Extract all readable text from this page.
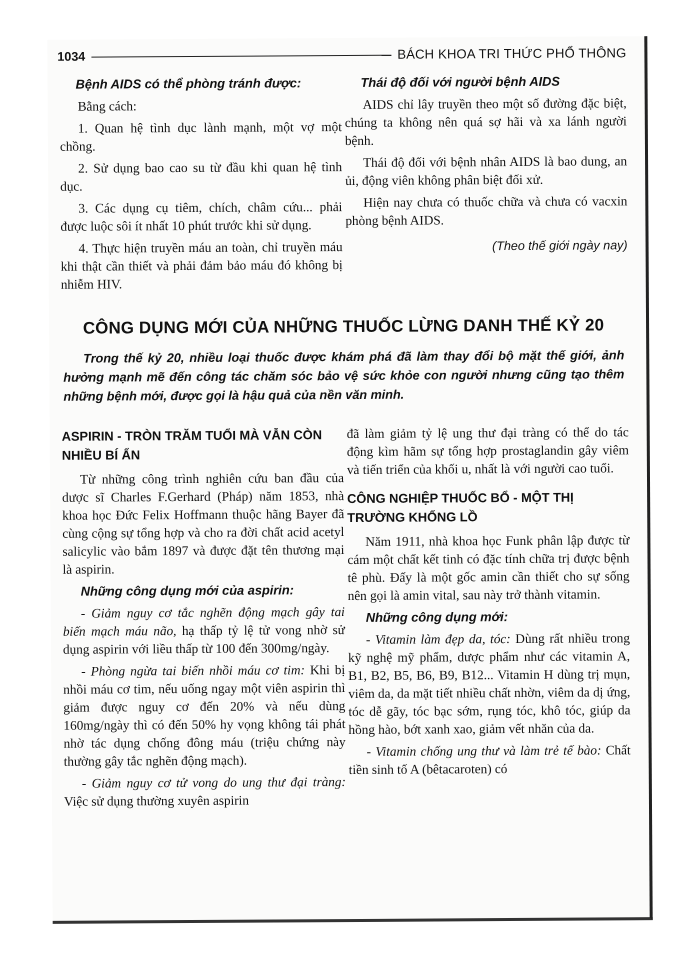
1034	BÁCH KHOA TRI THỨC PHỔ THÔNG
Bệnh AIDS có thể phòng tránh được:

Bằng cách:

1. Quan hệ tình dục lành mạnh, một vợ một chồng.

2. Sử dụng bao cao su từ đầu khi quan hệ tình dục.

3. Các dụng cụ tiêm, chích, châm cứu... phải được luộc sôi ít nhất 10 phút trước khi sử dụng.

4. Thực hiện truyền máu an toàn, chỉ truyền máu khi thật cần thiết và phải đảm bảo máu đó không bị nhiễm HIV.

Thái độ đối với người bệnh AIDS

AIDS chỉ lây truyền theo một số đường đặc biệt, chúng ta không nên quá sợ hãi và xa lánh người bệnh.

Thái độ đối với bệnh nhân AIDS là bao dung, an ủi, động viên không phân biệt đối xử.

Hiện nay chưa có thuốc chữa và chưa có vacxin phòng bệnh AIDS.

(Theo thế giới ngày nay)
CÔNG DỤNG MỚI CỦA NHỮNG THUỐC LỪNG DANH THẾ KỶ 20
Trong thế kỷ 20, nhiều loại thuốc được khám phá đã làm thay đổi bộ mặt thế giới, ảnh hưởng mạnh mẽ đến công tác chăm sóc bảo vệ sức khỏe con người nhưng cũng tạo thêm những bệnh mới, được gọi là hậu quả của nền văn minh.
ASPIRIN - TRÒN TRĂM TUỔI MÀ VẪN CÒN NHIỀU BÍ ẨN

Từ những công trình nghiên cứu ban đầu của dược sĩ Charles F.Gerhard (Pháp) năm 1853, nhà khoa học Đức Felix Hoffmann thuộc hãng Bayer đã cùng cộng sự tổng hợp và cho ra đời chất acid acetyl salicylic vào bắm 1897 và được đặt tên thương mại là aspirin.

Những công dụng mới của aspirin:

- Giảm nguy cơ tắc nghẽn động mạch gây tai biến mạch máu não, hạ thấp tỷ lệ tử vong nhờ sử dụng aspirin với liều thấp từ 100 đến 300mg/ngày.

- Phòng ngừa tai biến nhồi máu cơ tim: Khi bị nhồi máu cơ tim, nếu uống ngay một viên aspirin thì giảm được nguy cơ đến 20% và nếu dùng 160mg/ngày thì có đến 50% hy vọng không tái phát nhờ tác dụng chống đông máu (triệu chứng này thường gây tắc nghẽn động mạch).

- Giảm nguy cơ tử vong do ung thư đại tràng: Việc sử dụng thường xuyên aspirin

đã làm giảm tỷ lệ ung thư đại tràng có thể do tác động kìm hãm sự tổng hợp prostaglandin gây viêm và tiến triển của khối u, nhất là với người cao tuổi.

CÔNG NGHIỆP THUỐC BỔ - MỘT THỊ TRƯỜNG KHỔNG LỒ

Năm 1911, nhà khoa học Funk phân lập được từ cám một chất kết tinh có đặc tính chữa trị được bệnh tê phù. Đấy là một gốc amin cần thiết cho sự sống nên gọi là amin vital, sau này trở thành vitamin.

Những công dụng mới:

- Vitamin làm đẹp da, tóc: Dùng rất nhiều trong kỹ nghệ mỹ phẩm, dược phẩm như các vitamin A, B1, B2, B5, B6, B9, B12... Vitamin H dùng trị mụn, viêm da, da mặt tiết nhiều chất nhờn, viêm da dị ứng, tóc dễ gãy, tóc bạc sớm, rụng tóc, khô tóc, giúp da hồng hào, bớt xanh xao, giảm vết nhăn của da.

- Vitamin chống ung thư và làm trẻ tế bào: Chất tiền sinh tố A (bêtacaroten) có
